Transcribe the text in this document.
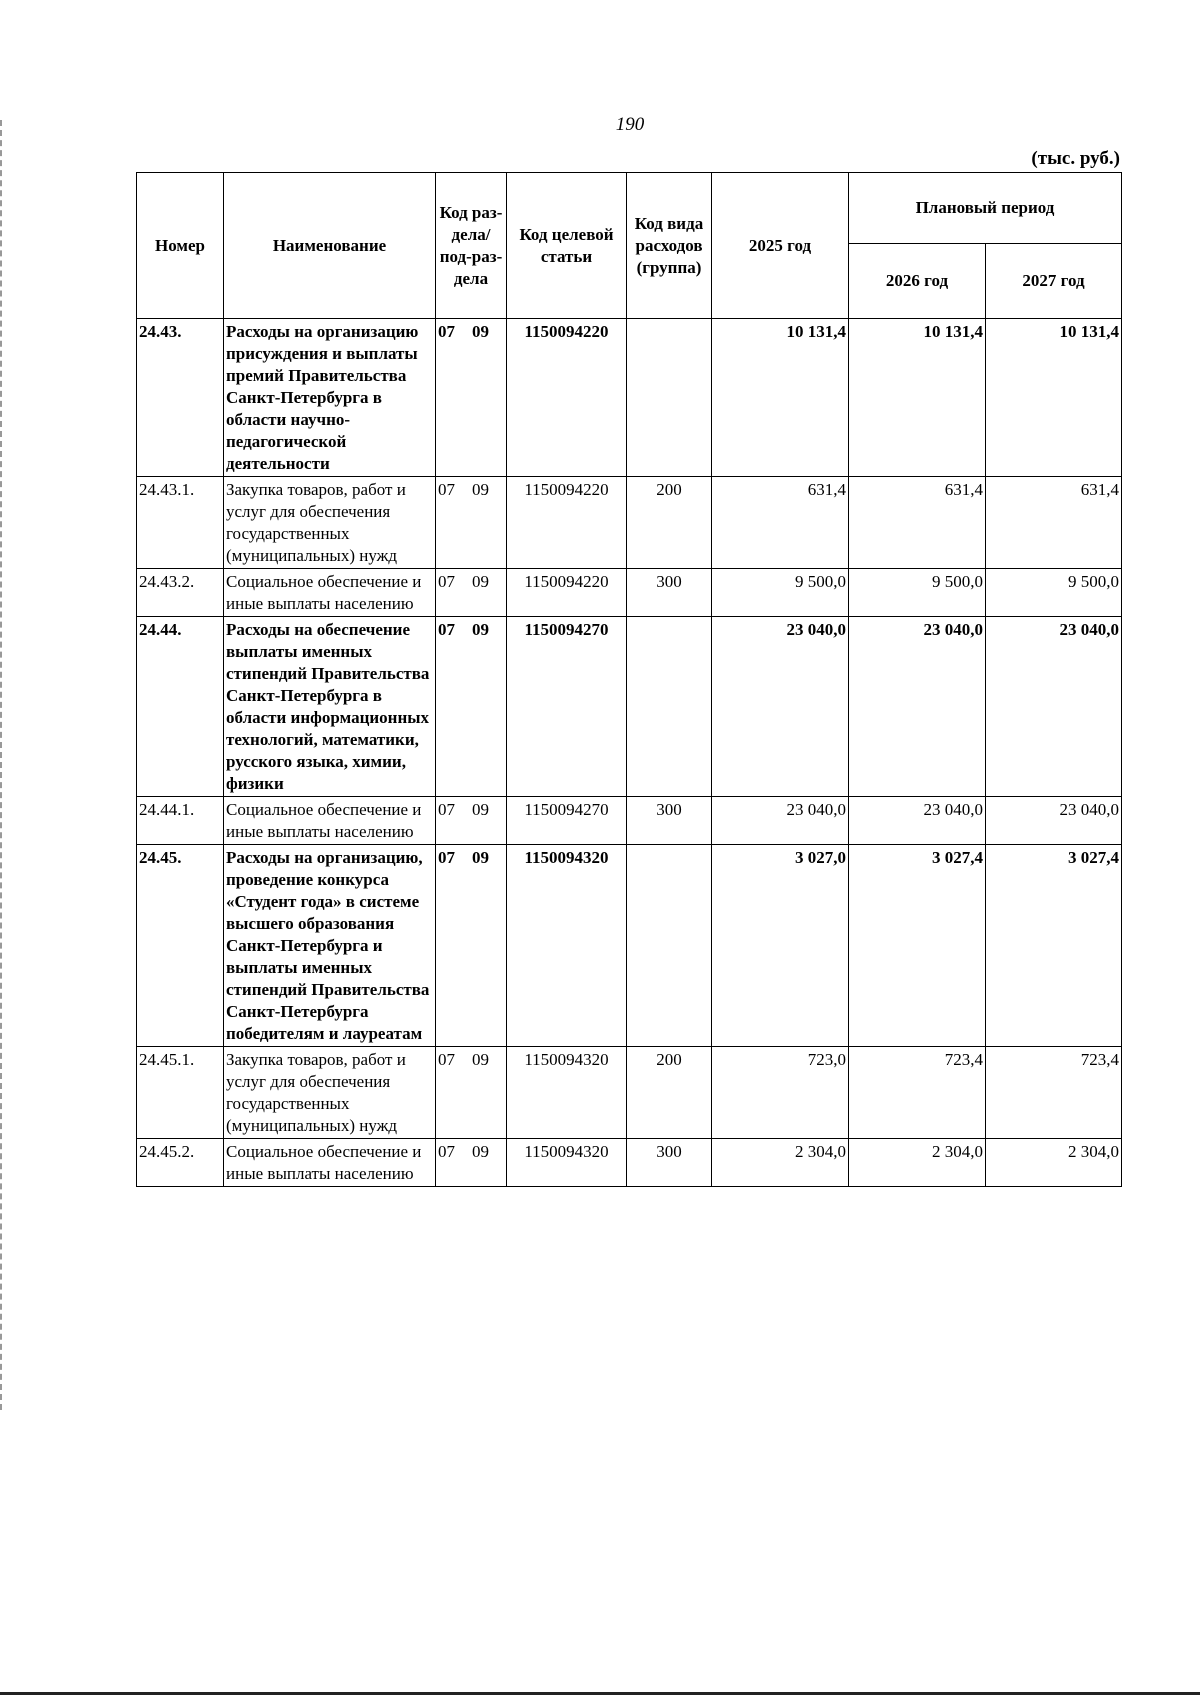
190
(тыс. руб.)
Номер	Наименование	Код раз-дела/ под-раз-дела	Код целевой статьи	Код вида расходов (группа)	2025 год	Плановый период	
						2026 год	2027 год
24.43.	Расходы на организацию присуждения и выплаты премий Правительства Санкт-Петербурга в области научно-педагогической деятельности	07 09	1150094220		10 131,4	10 131,4	10 131,4
24.43.1.	Закупка товаров, работ и услуг для обеспечения государственных (муниципальных) нужд	07 09	1150094220	200	631,4	631,4	631,4
24.43.2.	Социальное обеспечение и иные выплаты населению	07 09	1150094220	300	9 500,0	9 500,0	9 500,0
24.44.	Расходы на обеспечение выплаты именных стипендий Правительства Санкт-Петербурга в области информационных технологий, математики, русского языка, химии, физики	07 09	1150094270		23 040,0	23 040,0	23 040,0
24.44.1.	Социальное обеспечение и иные выплаты населению	07 09	1150094270	300	23 040,0	23 040,0	23 040,0
24.45.	Расходы на организацию, проведение конкурса «Студент года» в системе высшего образования Санкт-Петербурга и выплаты именных стипендий Правительства Санкт-Петербурга победителям и лауреатам	07 09	1150094320		3 027,0	3 027,4	3 027,4
24.45.1.	Закупка товаров, работ и услуг для обеспечения государственных (муниципальных) нужд	07 09	1150094320	200	723,0	723,4	723,4
24.45.2.	Социальное обеспечение и иные выплаты населению	07 09	1150094320	300	2 304,0	2 304,0	2 304,0
